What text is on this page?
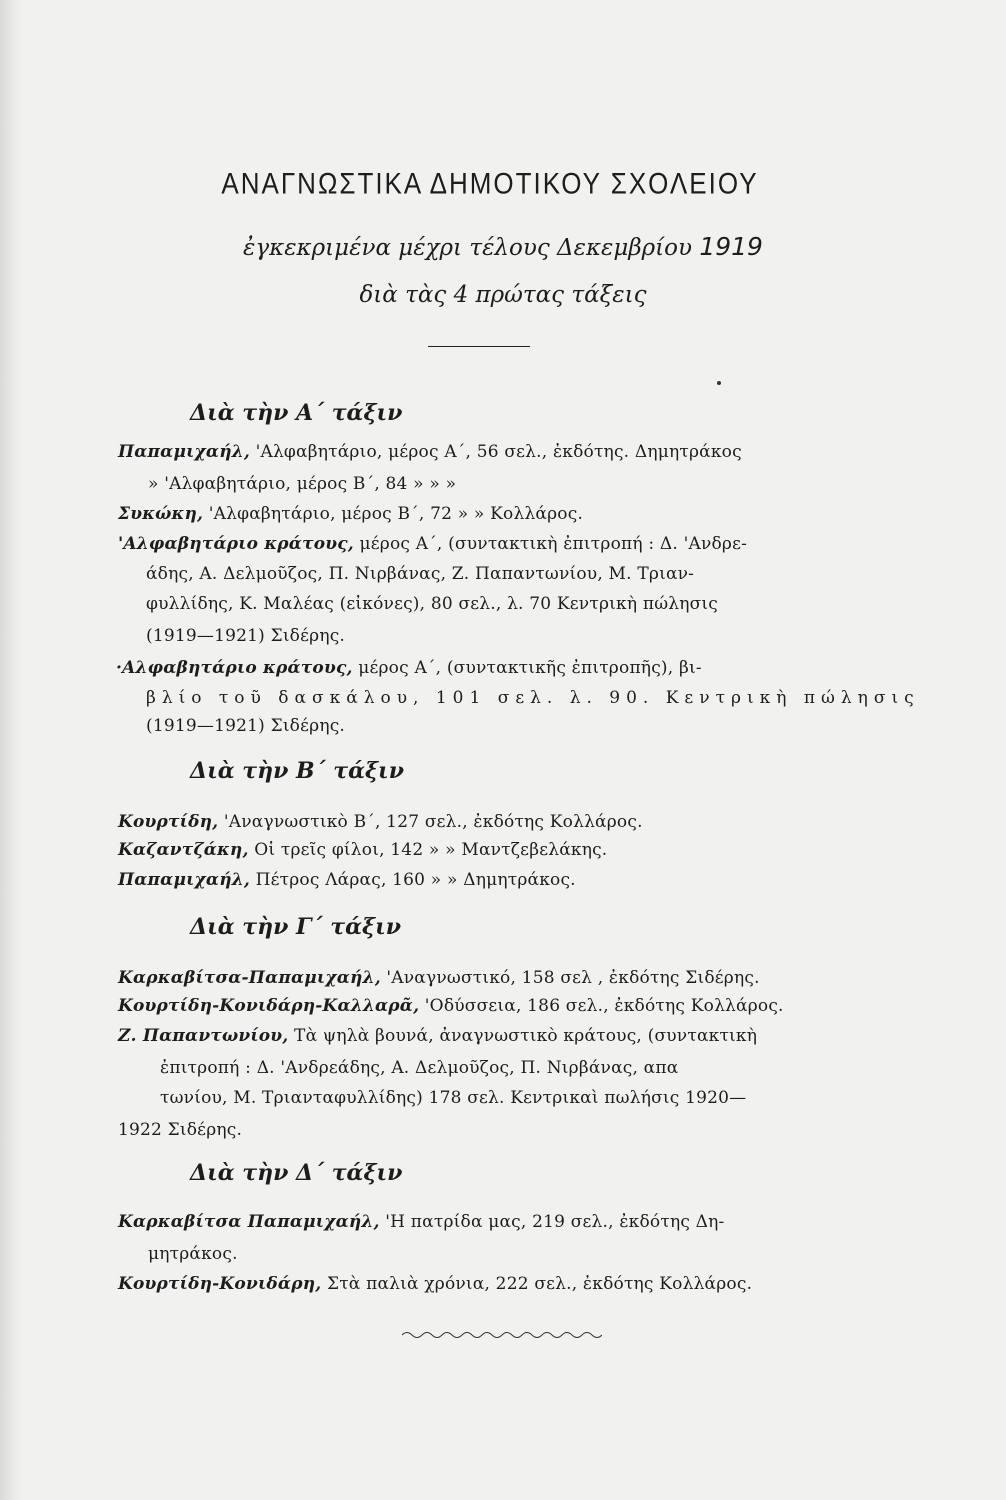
ΑΝΑΓΝΩΣΤΙΚΑ ΔΗΜΟΤΙΚΟΥ ΣΧΟΛΕΙΟΥ
ἐγκεκριμένα μέχρι τέλους Δεκεμβρίου 1919
διὰ τὰς 4 πρώτας τάξεις
Διὰ τὴν Α΄ τάξιν
Παπαμιχαήλ, 'Αλφαβητάριο, μέρος Α΄, 56 σελ., ἐκδότης. Δημητράκος
» 'Αλφαβητάριο, μέρος Β΄, 84 » » »
Συκώκη, 'Αλφαβητάριο, μέρος Β΄, 72 » » Κολλάρος.
'Αλφαβητάριο κράτους, μέρος Α΄, (συντακτικὴ ἐπιτροπή : Δ. 'Ανδρε-
άδης, Α. Δελμοῦζος, Π. Νιρβάνας, Ζ. Παπαντωνίου, Μ. Τριαν-
φυλλίδης, Κ. Μαλέας (εἰκόνες), 80 σελ., λ. 70 Κεντρικὴ πώλησις
(1919—1921) Σιδέρης.
·Αλφαβητάριο κράτους, μέρος Α΄, (συντακτικῆς ἐπιτροπῆς), βι-
βλίο τοῦ δασκάλου, 101 σελ. λ. 90. Κεντρικὴ πώλησις
(1919—1921) Σιδέρης.
Διὰ τὴν Β΄ τάξιν
Κουρτίδη, 'Αναγνωστικὸ Β΄, 127 σελ., ἐκδότης Κολλάρος.
Καζαντζάκη, Οἱ τρεῖς φίλοι, 142 » » Μαντζεβελάκης.
Παπαμιχαήλ, Πέτρος Λάρας, 160 » » Δημητράκος.
Διὰ τὴν Γ΄ τάξιν
Καρκαβίτσα-Παπαμιχαήλ, 'Αναγνωστικό, 158 σελ , ἐκδότης Σιδέρης.
Κουρτίδη-Κονιδάρη-Καλλαρᾶ, 'Οδύσσεια, 186 σελ., ἐκδότης Κολλάρος.
Ζ. Παπαντωνίου, Τὰ ψηλὰ βουνά, ἀναγνωστικὸ κράτους, (συντακτικὴ
ἐπιτροπή : Δ. 'Ανδρεάδης, Α. Δελμοῦζος, Π. Νιρβάνας, απα
τωνίου, Μ. Τριανταφυλλίδης) 178 σελ. Κεντρικαὶ πωλήσις 1920—
1922 Σιδέρης.
Διὰ τὴν Δ΄ τάξιν
Καρκαβίτσα Παπαμιχαήλ, 'Η πατρίδα μας, 219 σελ., ἐκδότης Δη-
μητράκος.
Κουρτίδη-Κονιδάρη, Στὰ παλιὰ χρόνια, 222 σελ., ἐκδότης Κολλάρος.
